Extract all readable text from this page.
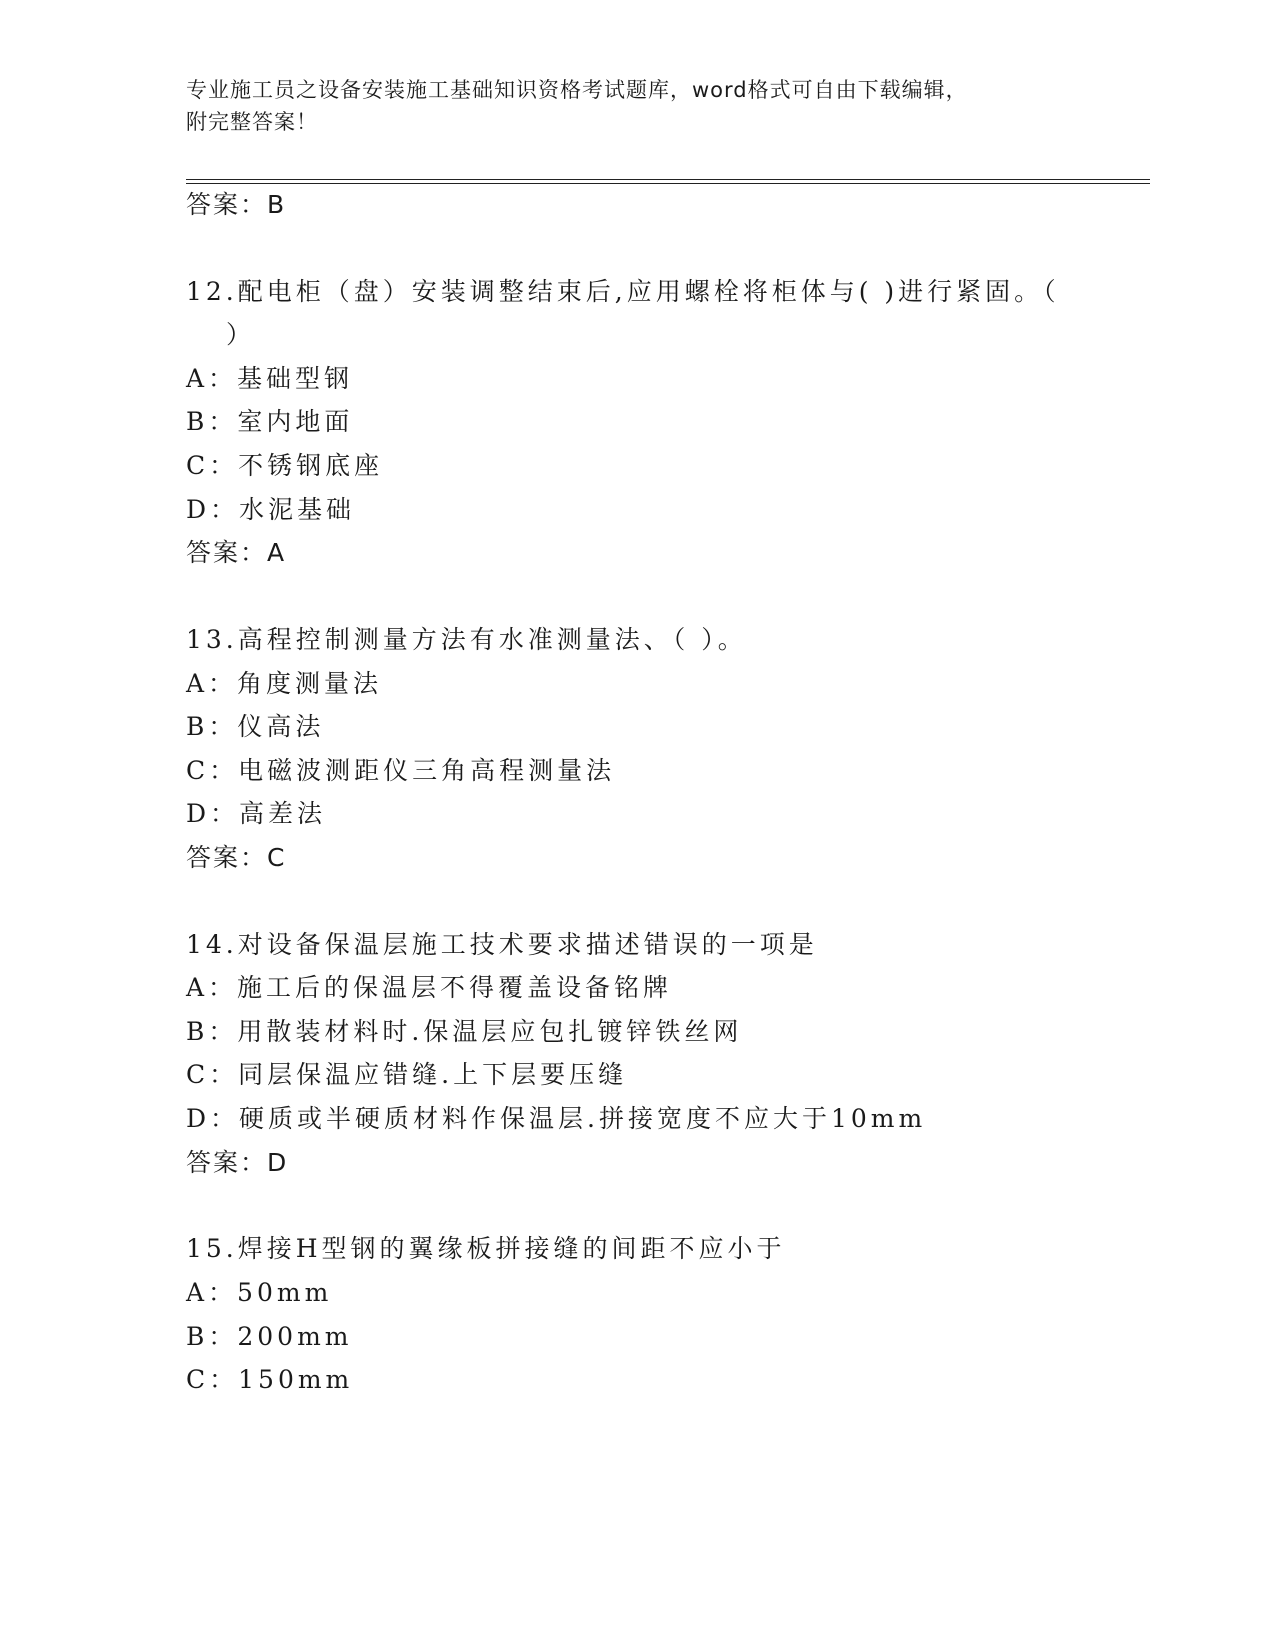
专业施工员之设备安装施工基础知识资格考试题库，word格式可自由下载编辑，
附完整答案！
答案：B
12.配电柜（盘）安装调整结束后,应用螺栓将柜体与( )进行紧固。（
）
A：基础型钢
B：室内地面
C：不锈钢底座
D：水泥基础
答案：A
13.高程控制测量方法有水准测量法、（ ）。
A：角度测量法
B：仪高法
C：电磁波测距仪三角高程测量法
D：高差法
答案：C
14.对设备保温层施工技术要求描述错误的一项是
A：施工后的保温层不得覆盖设备铭牌
B：用散装材料时.保温层应包扎镀锌铁丝网
C：同层保温应错缝.上下层要压缝
D：硬质或半硬质材料作保温层.拼接宽度不应大于10mm
答案：D
15.焊接H型钢的翼缘板拼接缝的间距不应小于
A：50mm
B：200mm
C：150mm
